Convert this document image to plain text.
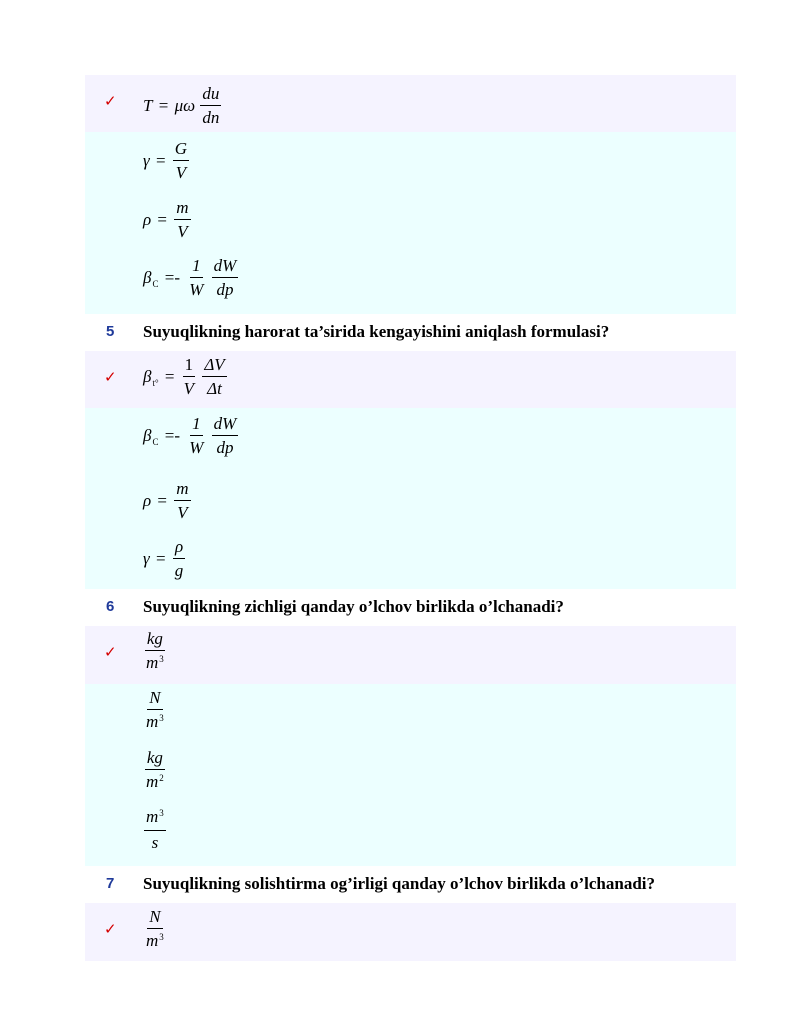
✓ T = μω $\frac{du}{dn}$
$\gamma = \frac{G}{V}$
$\rho = \frac{m}{V}$
$\beta_C =- \frac{1}{W}$
$\frac{dW}{dp}$
5 Suyuqlikning harorat ta’sirida kengayishini aniqlash formulasi?
✓ $\beta_{t^\circ} = \frac{1}{V}$
$\frac{\Delta V}{\Delta t}$
$\beta_C =- \frac{1}{W}$
$\frac{dW}{dp}$
$\rho = \frac{m}{V}$
$\gamma = \frac{\rho}{g}$
6 Suyuqlikning zichligi qanday o’lchov birlikda o’lchanadi?
✓ $\frac{kg}{m^3}$
$\frac{N}{m^3}$
$\frac{kg}{m^2}$
$\frac{m^3}{s}$
7 Suyuqlikning solishtirma og’irligi qanday o’lchov birlikda o’lchanadi?
✓ $\frac{N}{m^3}$
